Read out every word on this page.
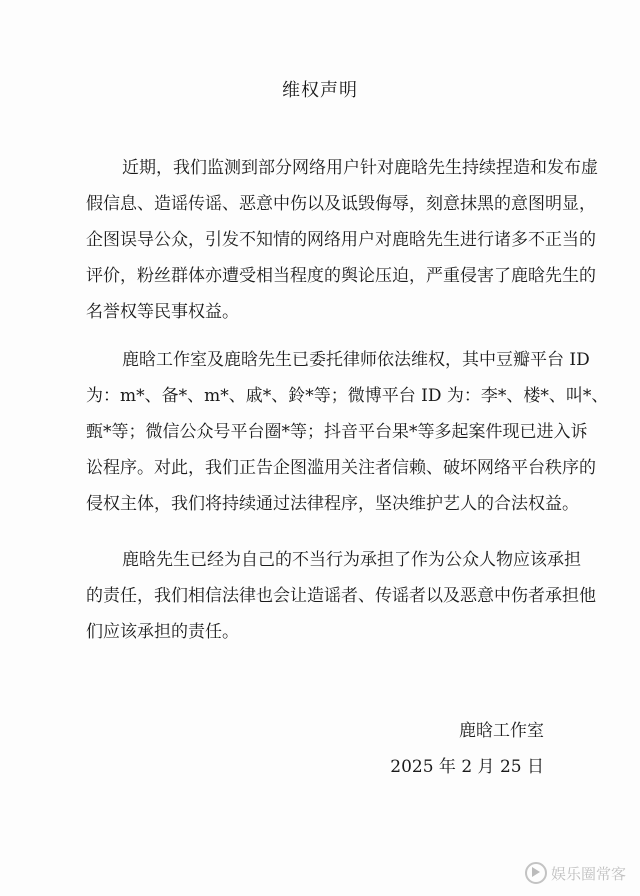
维权声明

近期，我们监测到部分网络用户针对鹿晗先生持续捏造和发布虚
假信息、造谣传谣、恶意中伤以及诋毁侮辱，刻意抹黑的意图明显，
企图误导公众，引发不知情的网络用户对鹿晗先生进行诸多不正当的
评价，粉丝群体亦遭受相当程度的舆论压迫，严重侵害了鹿晗先生的
名誉权等民事权益。

鹿晗工作室及鹿晗先生已委托律师依法维权，其中豆瓣平台 ID
为：m*、备*、m*、戚*、鈴*等；微博平台 ID 为：李*、楼*、叫*、
甄*等；微信公众号平台圈*等；抖音平台果*等多起案件现已进入诉
讼程序。对此，我们正告企图滥用关注者信赖、破坏网络平台秩序的
侵权主体，我们将持续通过法律程序，坚决维护艺人的合法权益。

鹿晗先生已经为自己的不当行为承担了作为公众人物应该承担
的责任，我们相信法律也会让造谣者、传谣者以及恶意中伤者承担他
们应该承担的责任。

鹿晗工作室
2025 年 2 月 25 日
娱乐圈常客
